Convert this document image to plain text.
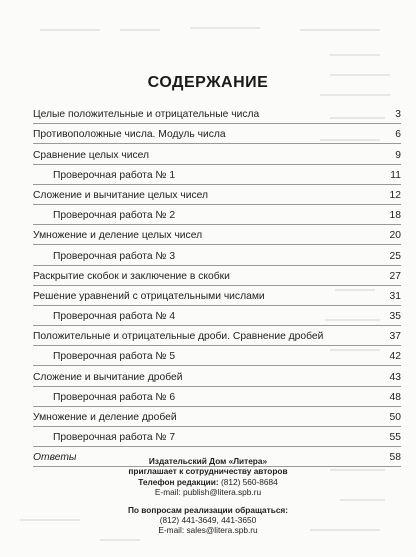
СОДЕРЖАНИЕ
Целые положительные и отрицательные числа	3
Противоположные числа. Модуль числа	6
Сравнение целых чисел	9
Проверочная работа № 1	11
Сложение и вычитание целых чисел	12
Проверочная работа № 2	18
Умножение и деление целых чисел	20
Проверочная работа № 3	25
Раскрытие скобок и заключение в скобки	27
Решение уравнений с отрицательными числами	31
Проверочная работа № 4	35
Положительные и отрицательные дроби. Сравнение дробей	37
Проверочная работа № 5	42
Сложение и вычитание дробей	43
Проверочная работа № 6	48
Умножение и деление дробей	50
Проверочная работа № 7	55
Ответы	58
Издательский Дом «Литера»
приглашает к сотрудничеству авторов
Телефон редакции: (812) 560-8684
E-mail: publish@litera.spb.ru
По вопросам реализации обращаться:
(812) 441-3649, 441-3650
E-mail: sales@litera.spb.ru
